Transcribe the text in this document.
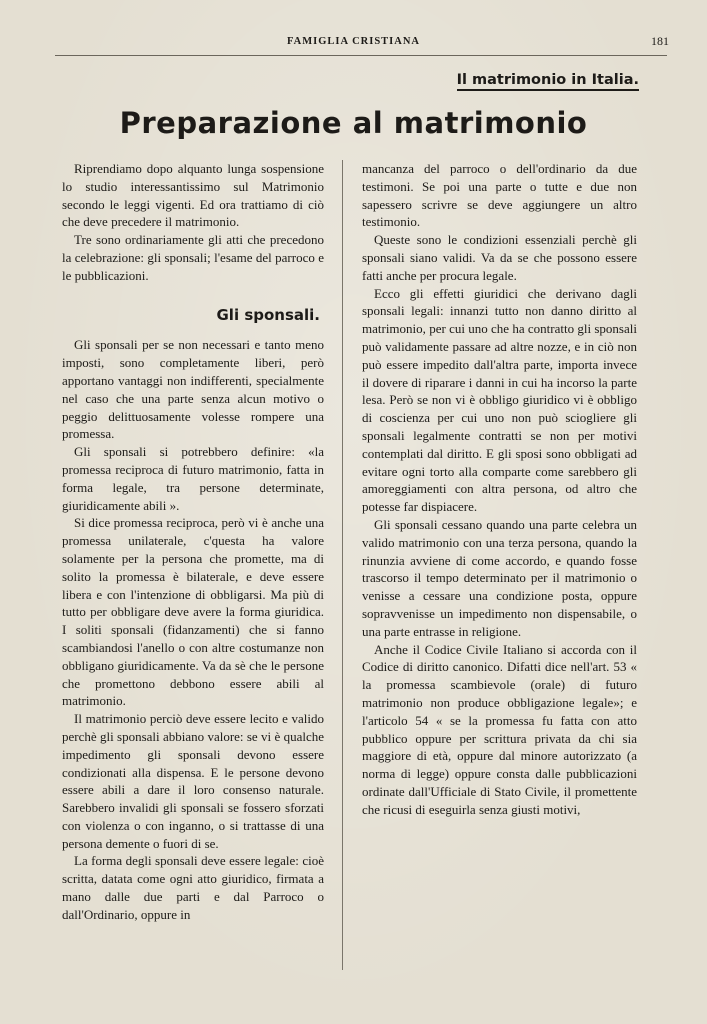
FAMIGLIA CRISTIANA	181
Il matrimonio in Italia.
Preparazione al matrimonio

Riprendiamo dopo alquanto lunga sospensione lo studio interessantissimo sul Matrimonio secondo le leggi vigenti. Ed ora trattiamo di ciò che deve precedere il matrimonio.

Tre sono ordinariamente gli atti che precedono la celebrazione: gli sponsali; l'esame del parroco e le pubblicazioni.

Gli sponsali.

Gli sponsali per se non necessari e tanto meno imposti, sono completamente liberi, però apportano vantaggi non indifferenti, specialmente nel caso che una parte senza alcun motivo o peggio delittuosamente volesse rompere una promessa.

Gli sponsali si potrebbero definire: «la promessa reciproca di futuro matrimonio, fatta in forma legale, tra persone determinate, giuridicamente abili ».

Si dice promessa reciproca, però vi è anche una promessa unilaterale, c'questa ha valore solamente per la persona che promette, ma di solito la promessa è bilaterale, e deve essere libera e con l'intenzione di obbligarsi. Ma più di tutto per obbligare deve avere la forma giuridica. I soliti sponsali (fidanzamenti) che si fanno scambiandosi l'anello o con altre costumanze non obbligano giuridicamente. Va da sè che le persone che promettono debbono essere abili al matrimonio.

Il matrimonio perciò deve essere lecito e valido perchè gli sponsali abbiano valore: se vi è qualche impedimento gli sponsali devono essere condizionati alla dispensa. E le persone devono essere abili a dare il loro consenso naturale. Sarebbero invalidi gli sponsali se fossero sforzati con violenza o con inganno, o si trattasse di una persona demente o fuori di se.

La forma degli sponsali deve essere legale: cioè scritta, datata come ogni atto giuridico, firmata a mano dalle due parti e dal Parroco o dall'Ordinario, oppure in

mancanza del parroco o dell'ordinario da due testimoni. Se poi una parte o tutte e due non sapessero scrivre se deve aggiungere un altro testimonio.

Queste sono le condizioni essenziali perchè gli sponsali siano validi. Va da se che possono essere fatti anche per procura legale.

Ecco gli effetti giuridici che derivano dagli sponsali legali: innanzi tutto non danno diritto al matrimonio, per cui uno che ha contratto gli sponsali può validamente passare ad altre nozze, e in ciò non può essere impedito dall'altra parte, importa invece il dovere di riparare i danni in cui ha incorso la parte lesa. Però se non vi è obbligo giuridico vi è obbligo di coscienza per cui uno non può sciogliere gli sponsali legalmente contratti se non per motivi contemplati dal diritto. E gli sposi sono obbligati ad evitare ogni torto alla comparte come sarebbero gli amoreggiamenti con altra persona, od altro che potesse far dispiacere.

Gli sponsali cessano quando una parte celebra un valido matrimonio con una terza persona, quando la rinunzia avviene di come accordo, e quando fosse trascorso il tempo determinato per il matrimonio o venisse a cessare una condizione posta, oppure sopravvenisse un impedimento non dispensabile, o una parte entrasse in religione.

Anche il Codice Civile Italiano si accorda con il Codice di diritto canonico. Difatti dice nell'art. 53 « la promessa scambievole (orale) di futuro matrimonio non produce obbligazione legale»; e l'articolo 54 « se la promessa fu fatta con atto pubblico oppure per scrittura privata da chi sia maggiore di età, oppure dal minore autorizzato (a norma di legge) oppure consta dalle pubblicazioni ordinate dall'Ufficiale di Stato Civile, il promettente che ricusi di eseguirla senza giusti motivi,
